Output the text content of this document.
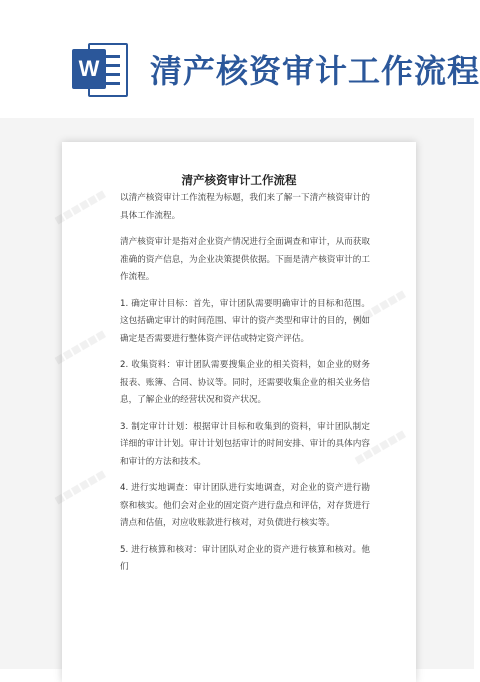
W 清产核资审计工作流程
■■■■■■
■■■■■■
■■■■■■
■■■■■■
■■■■■■
清产核资审计工作流程

以清产核资审计工作流程为标题，我们来了解一下清产核资审计的具体工作流程。

清产核资审计是指对企业资产情况进行全面调查和审计，从而获取准确的资产信息，为企业决策提供依据。下面是清产核资审计的工作流程。

1. 确定审计目标：首先，审计团队需要明确审计的目标和范围。这包括确定审计的时间范围、审计的资产类型和审计的目的，例如确定是否需要进行整体资产评估或特定资产评估。

2. 收集资料：审计团队需要搜集企业的相关资料，如企业的财务报表、账簿、合同、协议等。同时，还需要收集企业的相关业务信息，了解企业的经营状况和资产状况。

3. 制定审计计划：根据审计目标和收集到的资料，审计团队制定详细的审计计划。审计计划包括审计的时间安排、审计的具体内容和审计的方法和技术。

4. 进行实地调查：审计团队进行实地调查，对企业的资产进行勘察和核实。他们会对企业的固定资产进行盘点和评估，对存货进行清点和估值，对应收账款进行核对，对负债进行核实等。

5. 进行核算和核对：审计团队对企业的资产进行核算和核对。他们
